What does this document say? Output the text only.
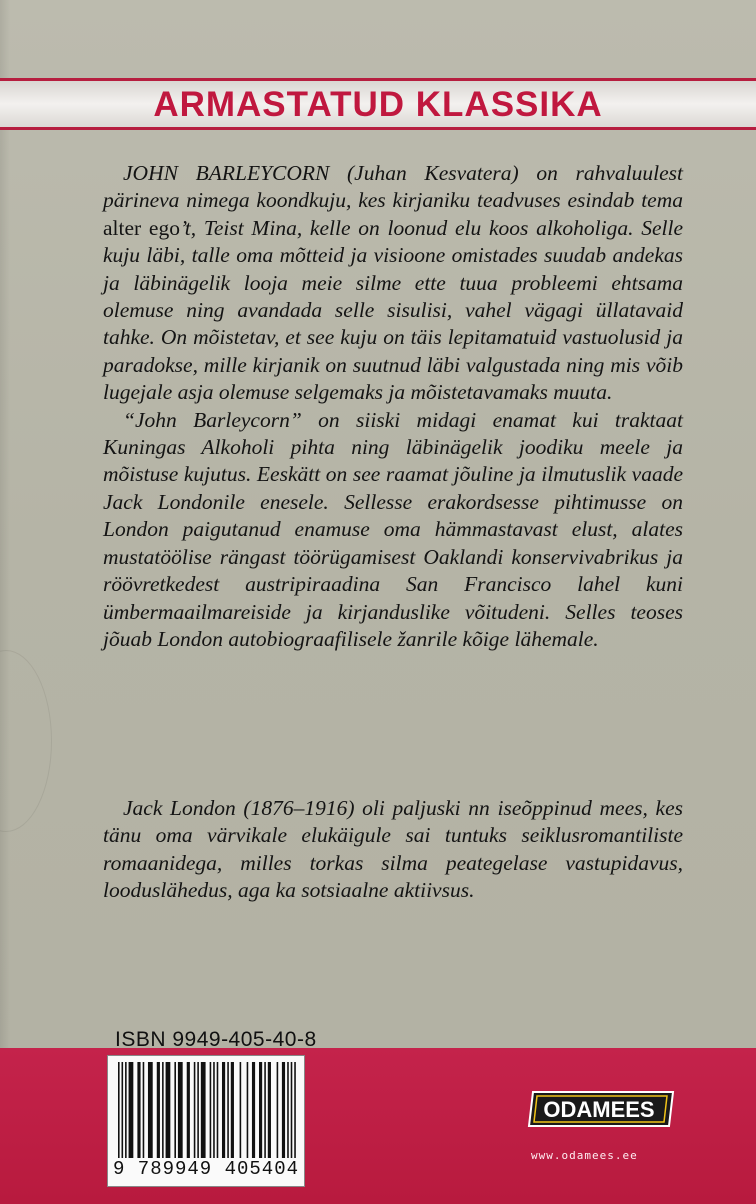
ARMASTATUD KLASSIKA

JOHN BARLEYCORN (Juhan Kesvatera) on rahvaluulest pärineva nimega koondkuju, kes kirjaniku teadvuses esindab tema alter ego’t, Teist Mina, kelle on loonud elu koos alkoholiga. Selle kuju läbi, talle oma mõtteid ja visioone omistades suudab andekas ja läbinägelik looja meie silme ette tuua probleemi ehtsama olemuse ning avandada selle sisulisi, vahel vägagi üllatavaid tahke. On mõistetav, et see kuju on täis lepitamatuid vastuolusid ja paradokse, mille kirjanik on suutnud läbi valgustada ning mis võib lugejale asja olemuse selgemaks ja mõistetavamaks muuta.

“John Barleycorn” on siiski midagi enamat kui traktaat Kuningas Alkoholi pihta ning läbinägelik joodiku meele ja mõistuse kujutus. Eeskätt on see raamat jõuline ja ilmutuslik vaade Jack Londonile enesele. Sellesse erakordsesse pihtimusse on London paigutanud enamuse oma hämmastavast elust, alates mustatöölise rängast töörügamisest Oaklandi konservivabrikus ja röövretkedest austripiraadina San Francisco lahel kuni ümbermaailmareiside ja kirjanduslike võitudeni. Selles teoses jõuab London autobiograafilisele žanrile kõige lähemale.

Jack London (1876–1916) oli paljuski nn iseõppinud mees, kes tänu oma värvikale elukäigule sai tuntuks seiklusromantiliste romaanidega, milles torkas silma peategelase vastupidavus, looduslähedus, aga ka sotsiaalne aktiivsus.

ISBN 9949-405-40-8
9 789949 405404
ODAMEES
www.odamees.ee
